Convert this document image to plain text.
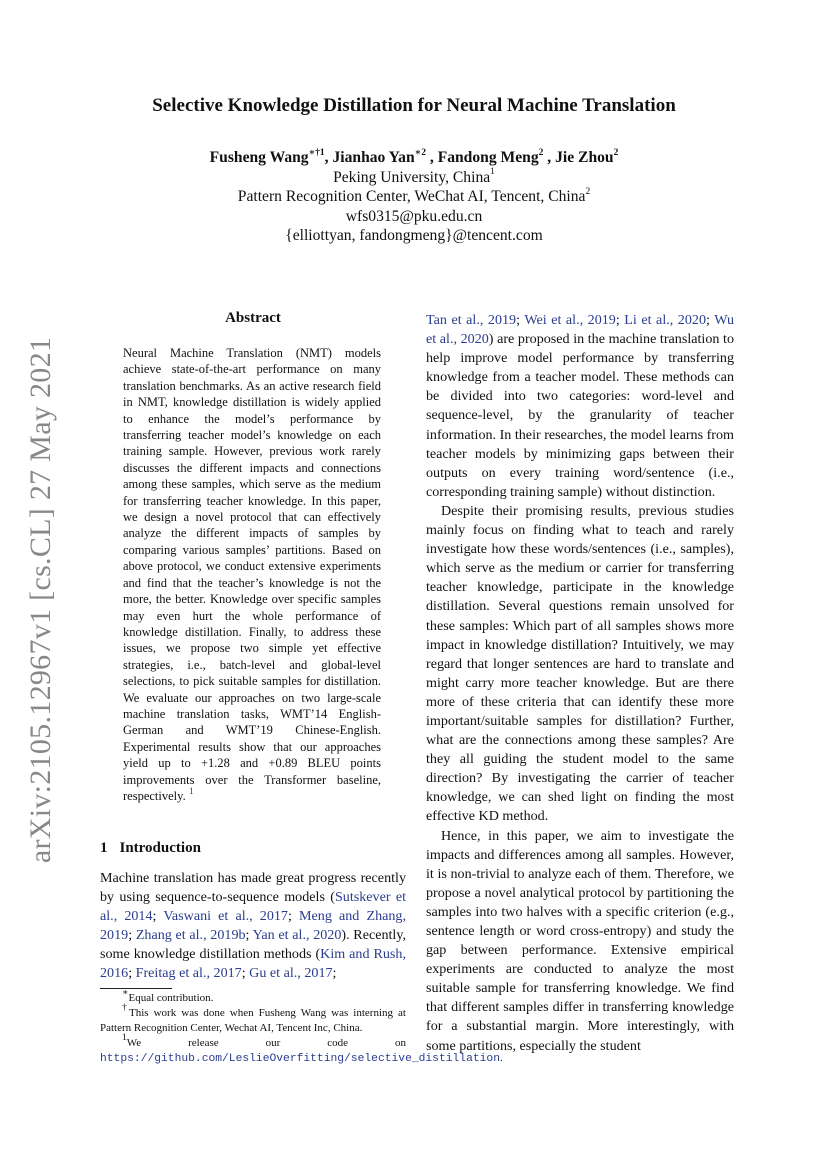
arXiv:2105.12967v1 [cs.CL] 27 May 2021
Selective Knowledge Distillation for Neural Machine Translation
Fusheng Wang$^{∗\dagger 1}$, Jianhao Yan$^{∗2}$ , Fandong Meng$^2$ , Jie Zhou$^2$
Peking University, China$^1$
Pattern Recognition Center, WeChat AI, Tencent, China$^2$
wfs0315@pku.edu.cn
{elliottyan, fandongmeng}@tencent.com
Abstract

Neural Machine Translation (NMT) models achieve state-of-the-art performance on many translation benchmarks. As an active research field in NMT, knowledge distillation is widely applied to enhance the model’s performance by transferring teacher model’s knowledge on each training sample. However, previous work rarely discusses the different impacts and connections among these samples, which serve as the medium for transferring teacher knowledge. In this paper, we design a novel protocol that can effectively analyze the different impacts of samples by comparing various samples’ partitions. Based on above protocol, we conduct extensive experiments and find that the teacher’s knowledge is not the more, the better. Knowledge over specific samples may even hurt the whole performance of knowledge distillation. Finally, to address these issues, we propose two simple yet effective strategies, i.e., batch-level and global-level selections, to pick suitable samples for distillation. We evaluate our approaches on two large-scale machine translation tasks, WMT’14 English-German and WMT’19 Chinese-English. Experimental results show that our approaches yield up to +1.28 and +0.89 BLEU points improvements over the Transformer baseline, respectively. $^1$

1 Introduction

Machine translation has made great progress recently by using sequence-to-sequence models (Sutskever et al., 2014; Vaswani et al., 2017; Meng and Zhang, 2019; Zhang et al., 2019b; Yan et al., 2020). Recently, some knowledge distillation methods (Kim and Rush, 2016; Freitag et al., 2017; Gu et al., 2017;

∗Equal contribution.

†This work was done when Fusheng Wang was interning at Pattern Recognition Center, Wechat AI, Tencent Inc, China.

$^1$We release our code on https://github.com/LeslieOverfitting/selective_distillation.

Tan et al., 2019; Wei et al., 2019; Li et al., 2020; Wu et al., 2020) are proposed in the machine translation to help improve model performance by transferring knowledge from a teacher model. These methods can be divided into two categories: word-level and sequence-level, by the granularity of teacher information. In their researches, the model learns from teacher models by minimizing gaps between their outputs on every training word/sentence (i.e., corresponding training sample) without distinction.

Despite their promising results, previous studies mainly focus on finding what to teach and rarely investigate how these words/sentences (i.e., samples), which serve as the medium or carrier for transferring teacher knowledge, participate in the knowledge distillation. Several questions remain unsolved for these samples: Which part of all samples shows more impact in knowledge distillation? Intuitively, we may regard that longer sentences are hard to translate and might carry more teacher knowledge. But are there more of these criteria that can identify these more important/suitable samples for distillation? Further, what are the connections among these samples? Are they all guiding the student model to the same direction? By investigating the carrier of teacher knowledge, we can shed light on finding the most effective KD method.

Hence, in this paper, we aim to investigate the impacts and differences among all samples. However, it is non-trivial to analyze each of them. Therefore, we propose a novel analytical protocol by partitioning the samples into two halves with a specific criterion (e.g., sentence length or word cross-entropy) and study the gap between performance. Extensive empirical experiments are conducted to analyze the most suitable sample for transferring knowledge. We find that different samples differ in transferring knowledge for a substantial margin. More interestingly, with some partitions, especially the student
